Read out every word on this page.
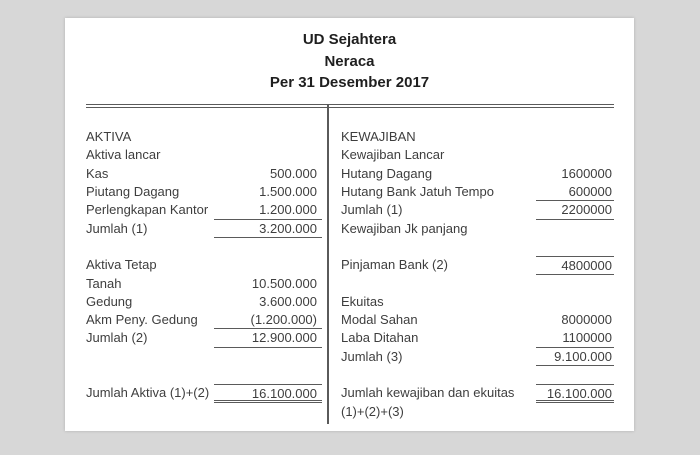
UD Sejahtera
Neraca
Per 31 Desember 2017
AKTIVA
Aktiva lancar
Kas	500.000
Piutang Dagang	1.500.000
Perlengkapan Kantor	1.200.000
Jumlah (1)	3.200.000
Aktiva Tetap
Tanah	10.500.000
Gedung	3.600.000
Akm Peny. Gedung	(1.200.000)
Jumlah (2)	12.900.000
Jumlah Aktiva (1)+(2)	16.100.000
KEWAJIBAN
Kewajiban Lancar
Hutang Dagang	1600000
Hutang Bank Jatuh Tempo	600000
Jumlah (1)	2200000
Kewajiban Jk panjang
Pinjaman Bank (2)	4800000
Ekuitas
Modal Sahan	8000000
Laba Ditahan	1100000
Jumlah (3)	9.100.000
Jumlah kewajiban dan ekuitas	16.100.000
(1)+(2)+(3)
